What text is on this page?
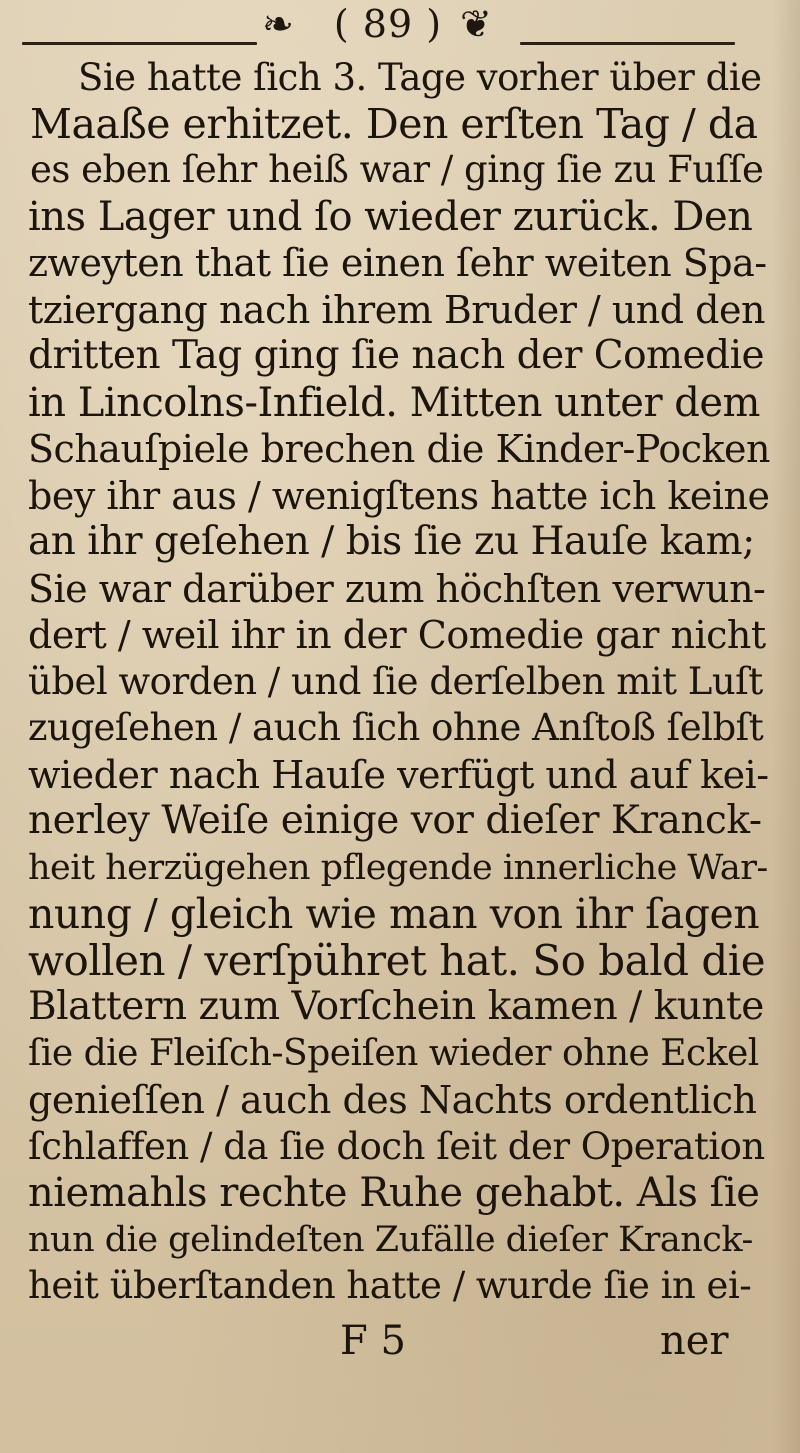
❧	( 89 ) ❦
Sie hatte ſich 3. Tage vorher über die
Maaße erhitzet. Den erſten Tag / da
es eben ſehr heiß war / ging ſie zu Fuſſe
ins Lager und ſo wieder zurück. Den
zweyten that ſie einen ſehr weiten Spa-
tziergang nach ihrem Bruder / und den
dritten Tag ging ſie nach der Comedie
in Lincolns-Infield. Mitten unter dem
Schauſpiele brechen die Kinder-Pocken
bey ihr aus / wenigſtens hatte ich keine
an ihr geſehen / bis ſie zu Hauſe kam;
Sie war darüber zum höchſten verwun-
dert / weil ihr in der Comedie gar nicht
übel worden / und ſie derſelben mit Luſt
zugeſehen / auch ſich ohne Anſtoß ſelbſt
wieder nach Hauſe verfügt und auf kei-
nerley Weiſe einige vor dieſer Kranck-
heit herzügehen pflegende innerliche War-
nung / gleich wie man von ihr ſagen
wollen / verſpühret hat. So bald die
Blattern zum Vorſchein kamen / kunte
ſie die Fleiſch-Speiſen wieder ohne Eckel
genieſſen / auch des Nachts ordentlich
ſchlaffen / da ſie doch ſeit der Operation
niemahls rechte Ruhe gehabt. Als ſie
nun die gelindeſten Zufälle dieſer Kranck-
heit überſtanden hatte / wurde ſie in ei-
F 5	ner
